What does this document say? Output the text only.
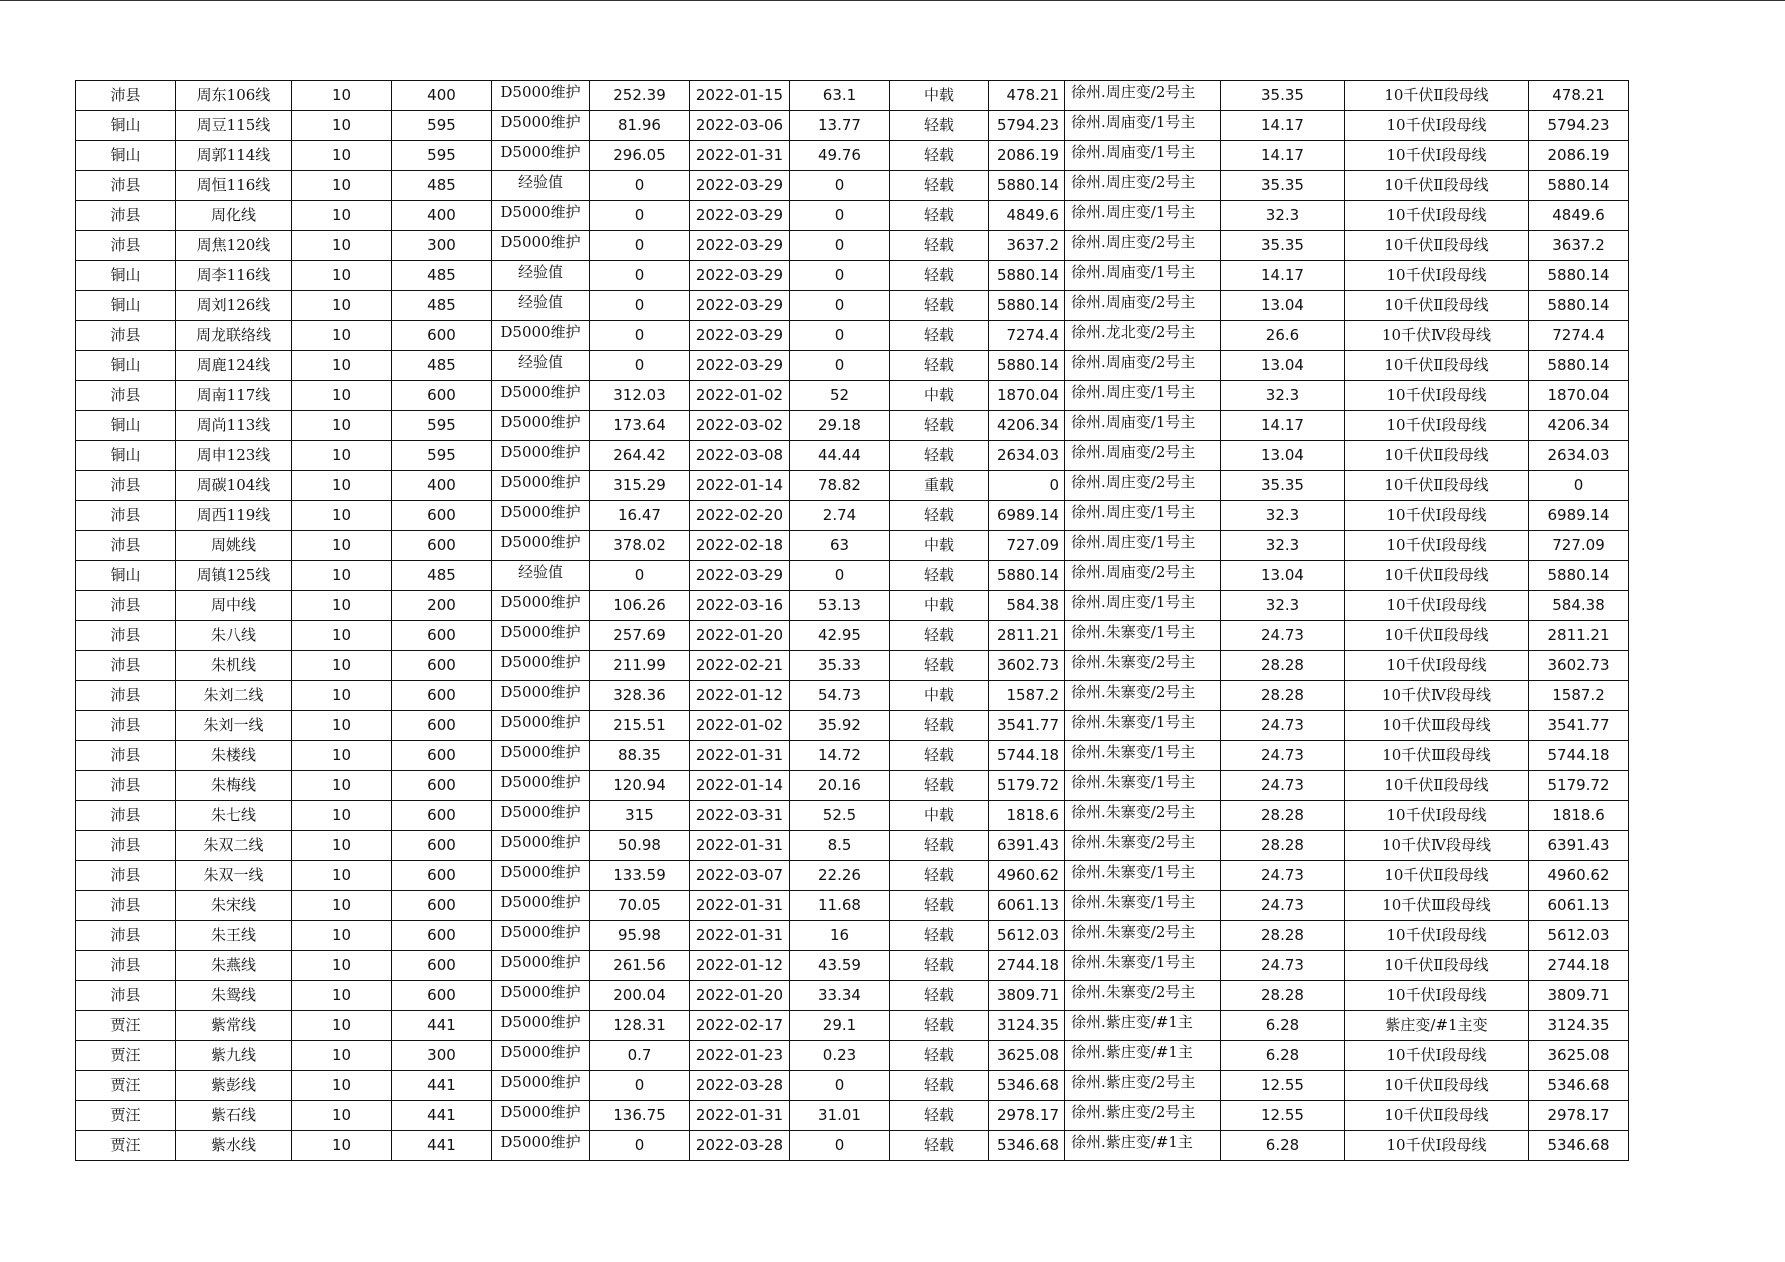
沛县	周东106线	10	400	D5000维护	252.39	2022-01-15	63.1	中载	478.21	徐州.周庄变/2号主	35.35	10千伏Ⅱ段母线	478.21
铜山	周豆115线	10	595	D5000维护	81.96	2022-03-06	13.77	轻载	5794.23	徐州.周庙变/1号主	14.17	10千伏Ⅰ段母线	5794.23
铜山	周郭114线	10	595	D5000维护	296.05	2022-01-31	49.76	轻载	2086.19	徐州.周庙变/1号主	14.17	10千伏Ⅰ段母线	2086.19
沛县	周恒116线	10	485	经验值	0	2022-03-29	0	轻载	5880.14	徐州.周庄变/2号主	35.35	10千伏Ⅱ段母线	5880.14
沛县	周化线	10	400	D5000维护	0	2022-03-29	0	轻载	4849.6	徐州.周庄变/1号主	32.3	10千伏Ⅰ段母线	4849.6
沛县	周焦120线	10	300	D5000维护	0	2022-03-29	0	轻载	3637.2	徐州.周庄变/2号主	35.35	10千伏Ⅱ段母线	3637.2
铜山	周李116线	10	485	经验值	0	2022-03-29	0	轻载	5880.14	徐州.周庙变/1号主	14.17	10千伏Ⅰ段母线	5880.14
铜山	周刘126线	10	485	经验值	0	2022-03-29	0	轻载	5880.14	徐州.周庙变/2号主	13.04	10千伏Ⅱ段母线	5880.14
沛县	周龙联络线	10	600	D5000维护	0	2022-03-29	0	轻载	7274.4	徐州.龙北变/2号主	26.6	10千伏Ⅳ段母线	7274.4
铜山	周鹿124线	10	485	经验值	0	2022-03-29	0	轻载	5880.14	徐州.周庙变/2号主	13.04	10千伏Ⅱ段母线	5880.14
沛县	周南117线	10	600	D5000维护	312.03	2022-01-02	52	中载	1870.04	徐州.周庄变/1号主	32.3	10千伏Ⅰ段母线	1870.04
铜山	周尚113线	10	595	D5000维护	173.64	2022-03-02	29.18	轻载	4206.34	徐州.周庙变/1号主	14.17	10千伏Ⅰ段母线	4206.34
铜山	周申123线	10	595	D5000维护	264.42	2022-03-08	44.44	轻载	2634.03	徐州.周庙变/2号主	13.04	10千伏Ⅱ段母线	2634.03
沛县	周碳104线	10	400	D5000维护	315.29	2022-01-14	78.82	重载	0	徐州.周庄变/2号主	35.35	10千伏Ⅱ段母线	0
沛县	周西119线	10	600	D5000维护	16.47	2022-02-20	2.74	轻载	6989.14	徐州.周庄变/1号主	32.3	10千伏Ⅰ段母线	6989.14
沛县	周姚线	10	600	D5000维护	378.02	2022-02-18	63	中载	727.09	徐州.周庄变/1号主	32.3	10千伏Ⅰ段母线	727.09
铜山	周镇125线	10	485	经验值	0	2022-03-29	0	轻载	5880.14	徐州.周庙变/2号主	13.04	10千伏Ⅱ段母线	5880.14
沛县	周中线	10	200	D5000维护	106.26	2022-03-16	53.13	中载	584.38	徐州.周庄变/1号主	32.3	10千伏Ⅰ段母线	584.38
沛县	朱八线	10	600	D5000维护	257.69	2022-01-20	42.95	轻载	2811.21	徐州.朱寨变/1号主	24.73	10千伏Ⅱ段母线	2811.21
沛县	朱机线	10	600	D5000维护	211.99	2022-02-21	35.33	轻载	3602.73	徐州.朱寨变/2号主	28.28	10千伏Ⅰ段母线	3602.73
沛县	朱刘二线	10	600	D5000维护	328.36	2022-01-12	54.73	中载	1587.2	徐州.朱寨变/2号主	28.28	10千伏Ⅳ段母线	1587.2
沛县	朱刘一线	10	600	D5000维护	215.51	2022-01-02	35.92	轻载	3541.77	徐州.朱寨变/1号主	24.73	10千伏Ⅲ段母线	3541.77
沛县	朱楼线	10	600	D5000维护	88.35	2022-01-31	14.72	轻载	5744.18	徐州.朱寨变/1号主	24.73	10千伏Ⅲ段母线	5744.18
沛县	朱梅线	10	600	D5000维护	120.94	2022-01-14	20.16	轻载	5179.72	徐州.朱寨变/1号主	24.73	10千伏Ⅱ段母线	5179.72
沛县	朱七线	10	600	D5000维护	315	2022-03-31	52.5	中载	1818.6	徐州.朱寨变/2号主	28.28	10千伏Ⅰ段母线	1818.6
沛县	朱双二线	10	600	D5000维护	50.98	2022-01-31	8.5	轻载	6391.43	徐州.朱寨变/2号主	28.28	10千伏Ⅳ段母线	6391.43
沛县	朱双一线	10	600	D5000维护	133.59	2022-03-07	22.26	轻载	4960.62	徐州.朱寨变/1号主	24.73	10千伏Ⅱ段母线	4960.62
沛县	朱宋线	10	600	D5000维护	70.05	2022-01-31	11.68	轻载	6061.13	徐州.朱寨变/1号主	24.73	10千伏Ⅲ段母线	6061.13
沛县	朱王线	10	600	D5000维护	95.98	2022-01-31	16	轻载	5612.03	徐州.朱寨变/2号主	28.28	10千伏Ⅰ段母线	5612.03
沛县	朱燕线	10	600	D5000维护	261.56	2022-01-12	43.59	轻载	2744.18	徐州.朱寨变/1号主	24.73	10千伏Ⅱ段母线	2744.18
沛县	朱鸳线	10	600	D5000维护	200.04	2022-01-20	33.34	轻载	3809.71	徐州.朱寨变/2号主	28.28	10千伏Ⅰ段母线	3809.71
贾汪	紫常线	10	441	D5000维护	128.31	2022-02-17	29.1	轻载	3124.35	徐州.紫庄变/#1主	6.28	紫庄变/#1主变	3124.35
贾汪	紫九线	10	300	D5000维护	0.7	2022-01-23	0.23	轻载	3625.08	徐州.紫庄变/#1主	6.28	10千伏Ⅰ段母线	3625.08
贾汪	紫彭线	10	441	D5000维护	0	2022-03-28	0	轻载	5346.68	徐州.紫庄变/2号主	12.55	10千伏Ⅱ段母线	5346.68
贾汪	紫石线	10	441	D5000维护	136.75	2022-01-31	31.01	轻载	2978.17	徐州.紫庄变/2号主	12.55	10千伏Ⅱ段母线	2978.17
贾汪	紫水线	10	441	D5000维护	0	2022-03-28	0	轻载	5346.68	徐州.紫庄变/#1主	6.28	10千伏Ⅰ段母线	5346.68
